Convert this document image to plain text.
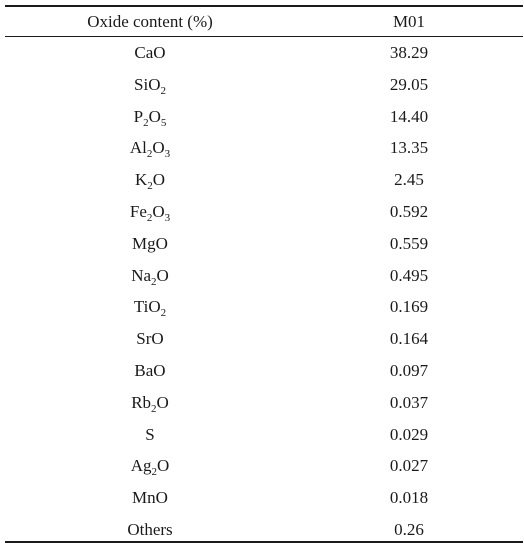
Oxide content (%)	M01
CaO	38.29
SiO$_2$	29.05
$P_2O_5$	14.40
$Al_2O_3$	13.35
$K_2O$	2.45
$Fe_2O_3$	0.592
MgO	0.559
$Na_2O$	0.495
TiO$_2$	0.169
SrO	0.164
BaO	0.097
$Rb_2O$	0.037
S	0.029
$Ag_2O$	0.027
MnO	0.018
Others	0.26
